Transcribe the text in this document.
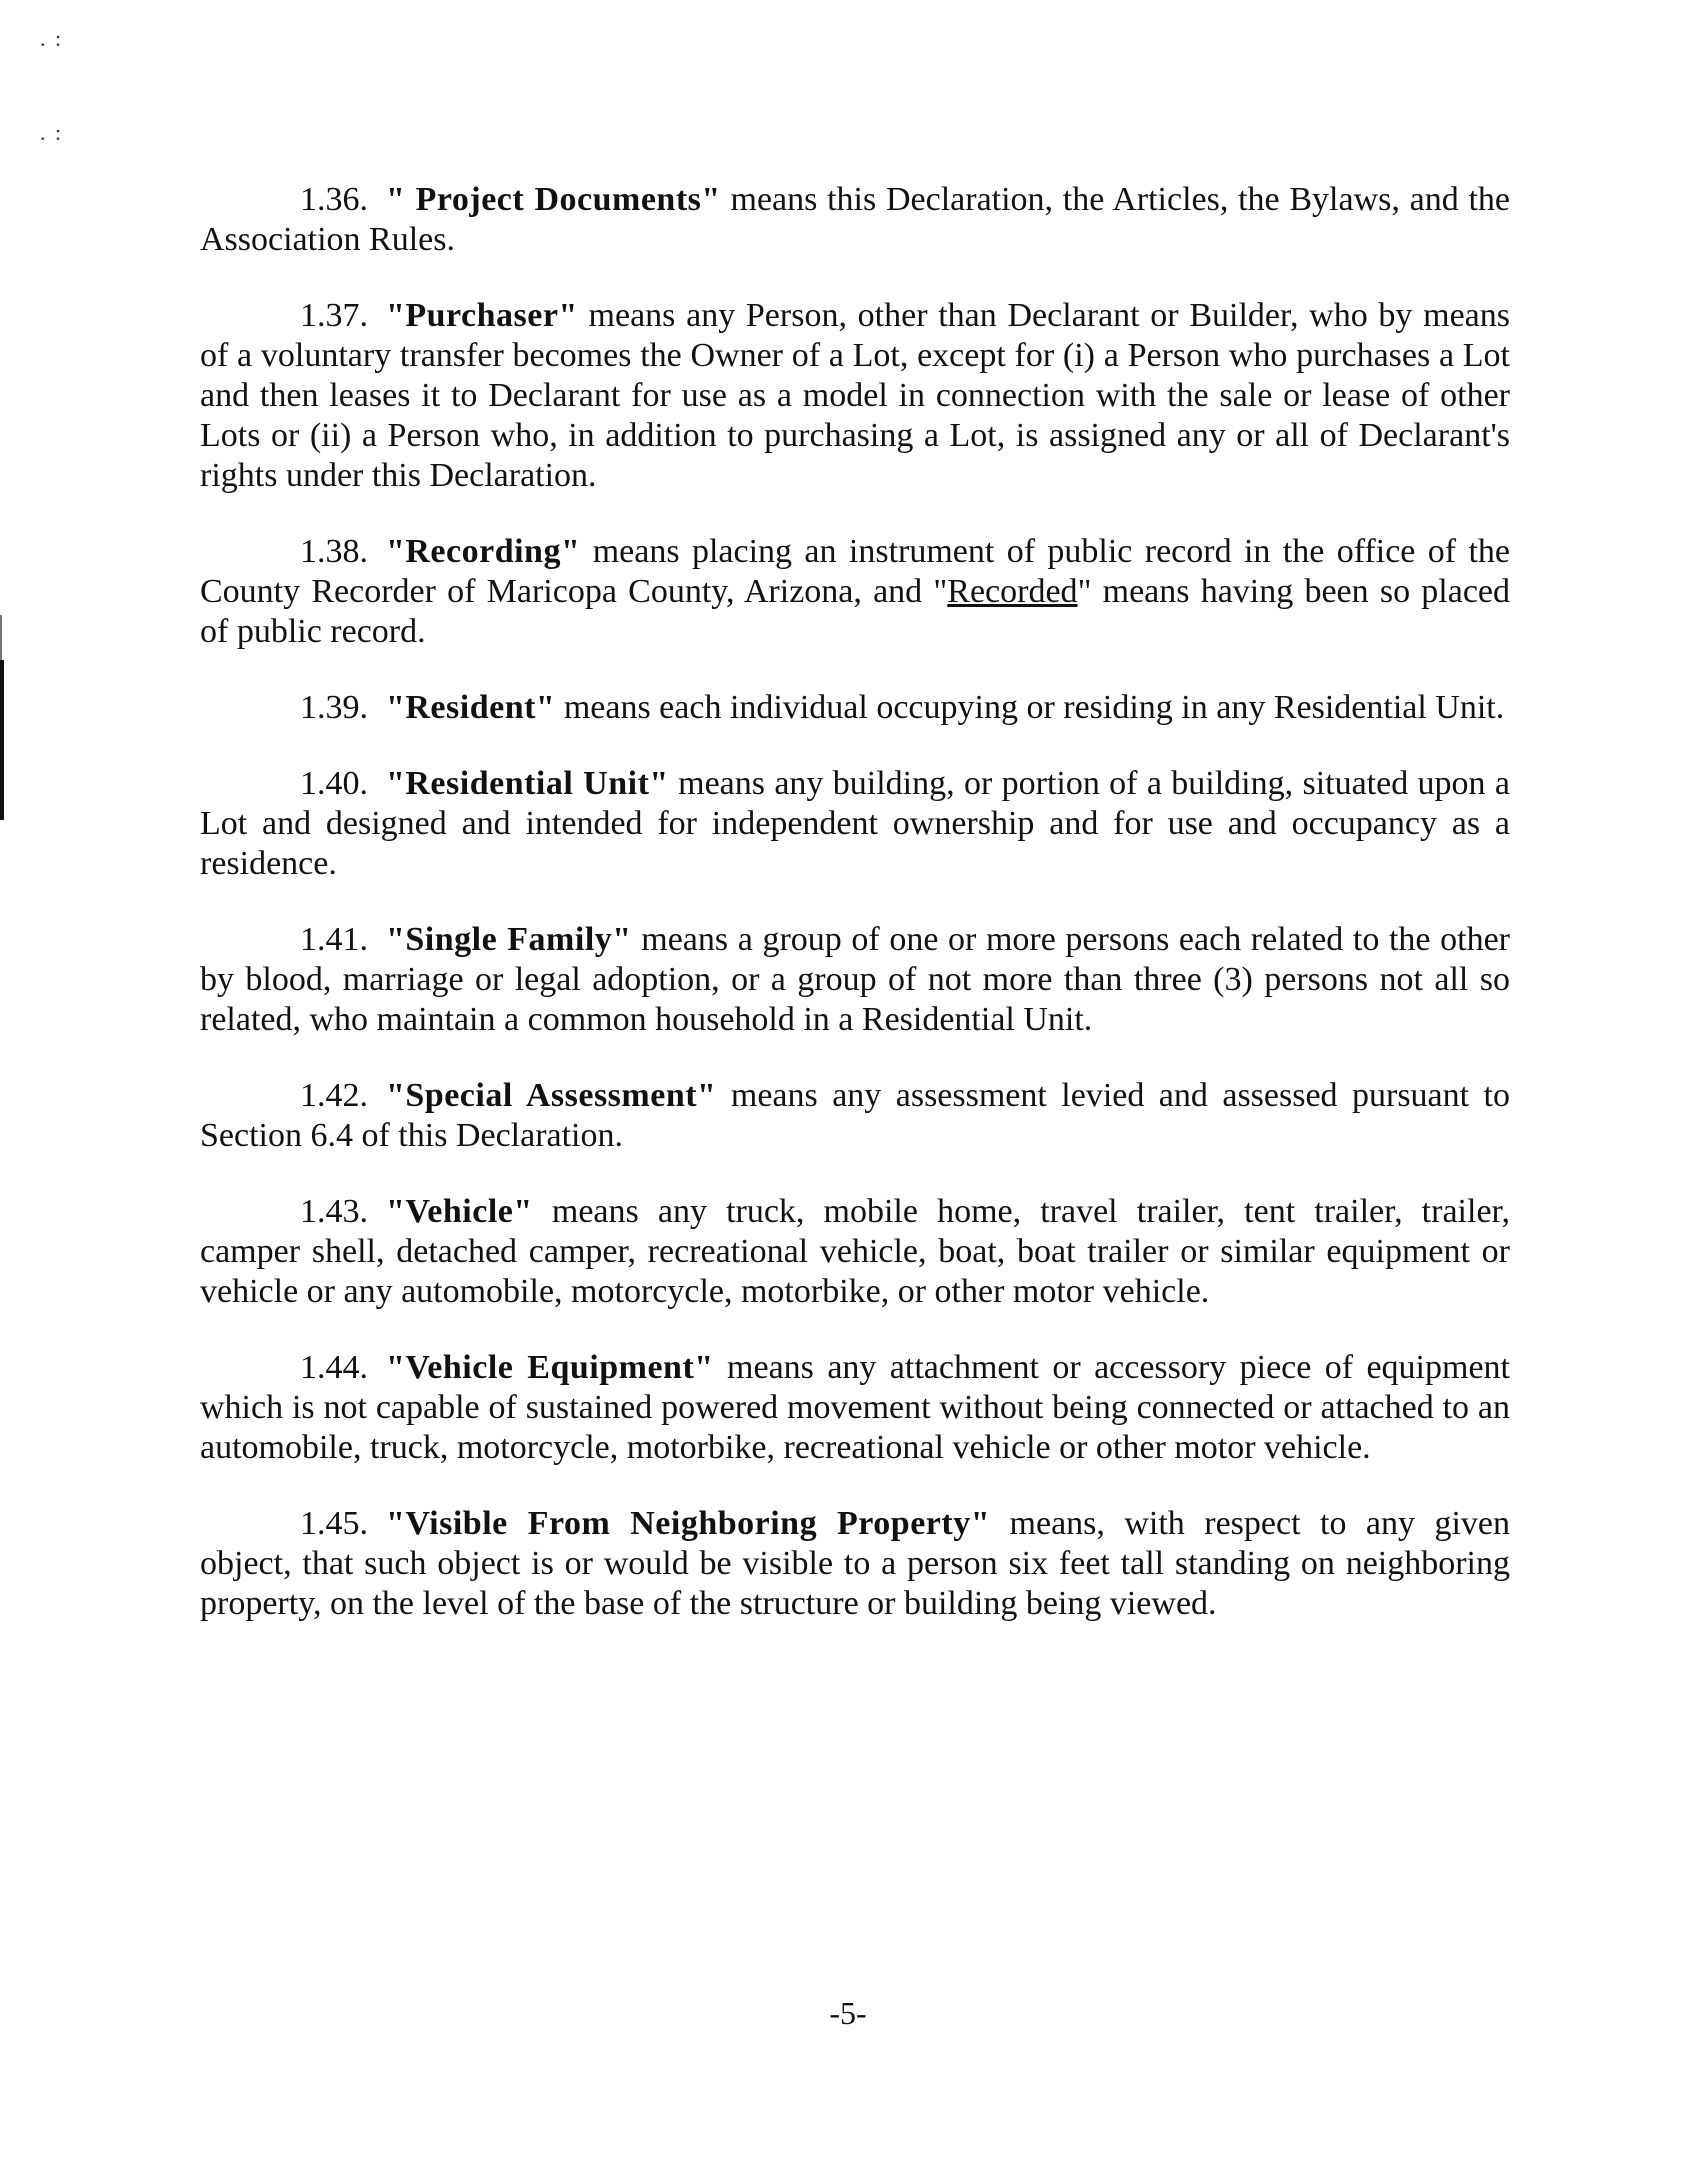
. :
. :

1.36. " Project Documents" means this Declaration, the Articles, the Bylaws, and the Association Rules.

1.37. "Purchaser" means any Person, other than Declarant or Builder, who by means of a voluntary transfer becomes the Owner of a Lot, except for (i) a Person who purchases a Lot and then leases it to Declarant for use as a model in connection with the sale or lease of other Lots or (ii) a Person who, in addition to purchasing a Lot, is assigned any or all of Declarant's rights under this Declaration.

1.38. "Recording" means placing an instrument of public record in the office of the County Recorder of Maricopa County, Arizona, and "Recorded" means having been so placed of public record.

1.39. "Resident" means each individual occupying or residing in any Residential Unit.

1.40. "Residential Unit" means any building, or portion of a building, situated upon a Lot and designed and intended for independent ownership and for use and occupancy as a residence.

1.41. "Single Family" means a group of one or more persons each related to the other by blood, marriage or legal adoption, or a group of not more than three (3) persons not all so related, who maintain a common household in a Residential Unit.

1.42. "Special Assessment" means any assessment levied and assessed pursuant to Section 6.4 of this Declaration.

1.43. "Vehicle" means any truck, mobile home, travel trailer, tent trailer, trailer, camper shell, detached camper, recreational vehicle, boat, boat trailer or similar equipment or vehicle or any automobile, motorcycle, motorbike, or other motor vehicle.

1.44. "Vehicle Equipment" means any attachment or accessory piece of equipment which is not capable of sustained powered movement without being connected or attached to an automobile, truck, motorcycle, motorbike, recreational vehicle or other motor vehicle.

1.45. "Visible From Neighboring Property" means, with respect to any given object, that such object is or would be visible to a person six feet tall standing on neighboring property, on the level of the base of the structure or building being viewed.

-5-
